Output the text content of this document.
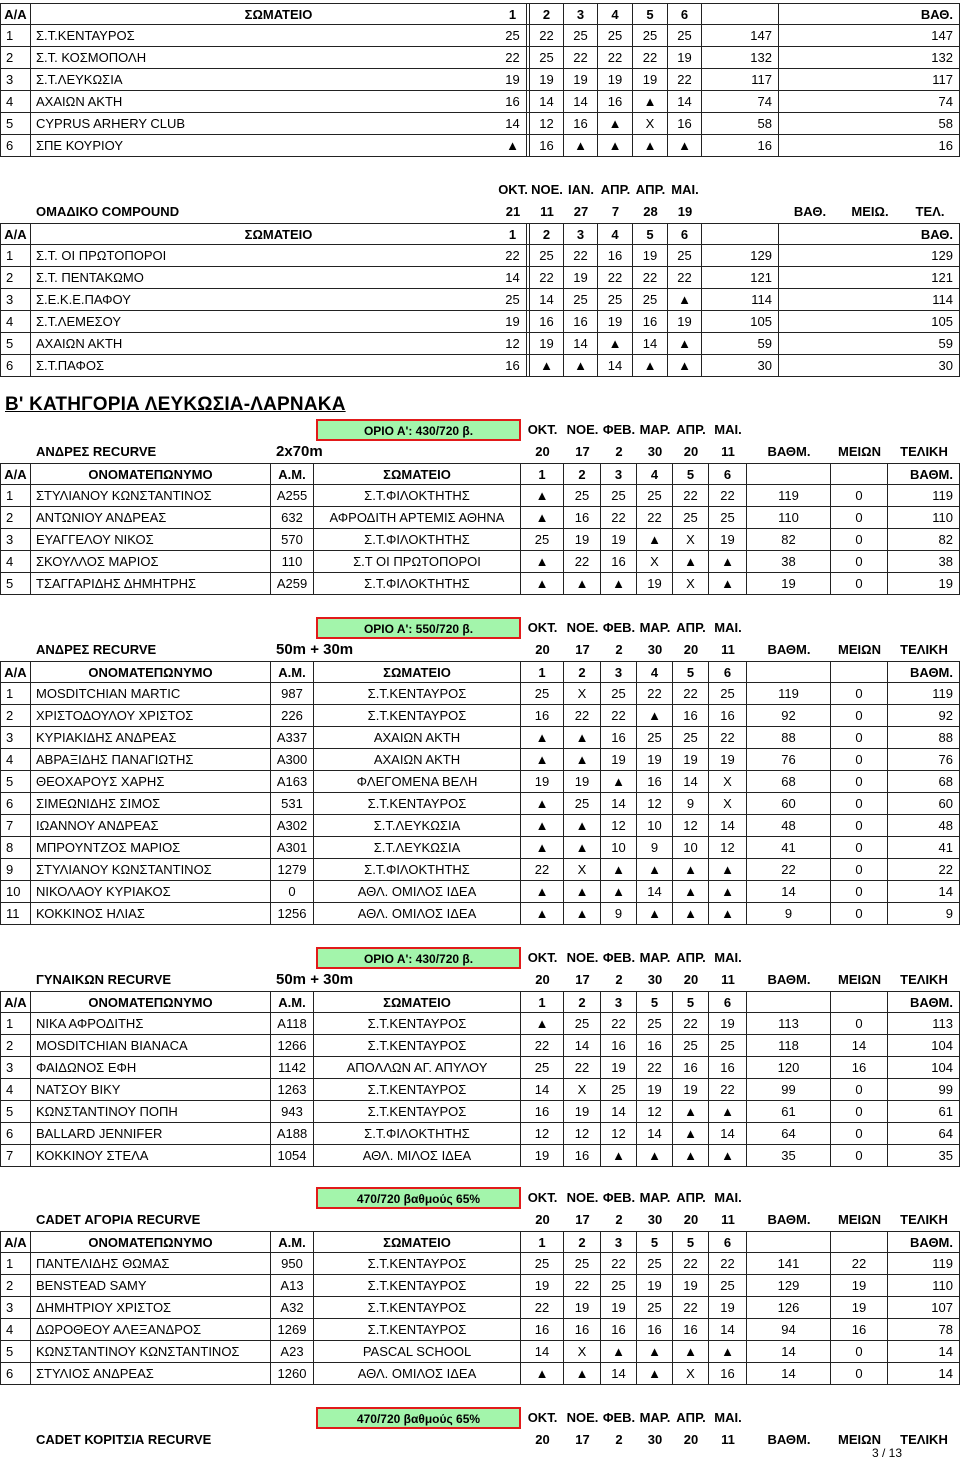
Α/Α	ΣΩΜΑΤΕΙΟ	1	2	3	4	5	6	ΒΑΘ.
1	Σ.Τ.ΚΕΝΤΑΥΡΟΣ	25	22	25	25	25	25	147	147
2	Σ.Τ. ΚΟΣΜΟΠΟΛΗ	22	25	22	22	22	19	132	132
3	Σ.Τ.ΛΕΥΚΩΣΙΑ	19	19	19	19	19	22	117	117
4	ΑΧΑΙΩΝ ΑΚΤΗ	16	14	14	16	▲	14	74	74
5	CYPRUS ARHERY CLUB	14	12	16	▲	X	16	58	58
6	ΣΠΕ ΚΟΥΡΙΟΥ	▲	16	▲	▲	▲	▲	16	16
ΟΚΤ. ΝΟΕ. ΙΑΝ. ΑΠΡ. ΑΠΡ. ΜΑΙ.
ΟΜΑΔΙΚΟ COMPOUND	21	11	27	7	28	19	ΒΑΘ.	ΜΕΙΩ.	ΤΕΛ.
Α/Α	ΣΩΜΑΤΕΙΟ	1	2	3	4	5	6	ΒΑΘ.
1	Σ.Τ. ΟΙ ΠΡΩΤΟΠΟΡΟΙ	22	25	22	16	19	25	129	129
2	Σ.Τ. ΠΕΝΤΑΚΩΜΟ	14	22	19	22	22	22	121	121
3	Σ.Ε.Κ.Ε.ΠΑΦΟΥ	25	14	25	25	25	▲	114	114
4	Σ.Τ.ΛΕΜΕΣΟΥ	19	16	16	19	16	19	105	105
5	ΑΧΑΙΩΝ ΑΚΤΗ	12	19	14	▲	14	▲	59	59
6	Σ.Τ.ΠΑΦΟΣ	16	▲	▲	14	▲	▲	30	30
Β' ΚΑΤΗΓΟΡΙΑ ΛΕΥΚΩΣΙΑ-ΛΑΡΝΑΚΑ
ΟΡΙΟ Α': 430/720 β.	ΟΚΤ. ΝΟΕ. ΦΕΒ. ΜΑΡ. ΑΠΡ. ΜΑΙ.
ΑΝΔΡΕΣ RECURVE	2x70m	20	17	2	30	20	11	ΒΑΘΜ.	ΜΕΙΩΝ	ΤΕΛΙΚΗ
Α/Α	ΟΝΟΜΑΤΕΠΩΝΥΜΟ	Α.Μ.	ΣΩΜΑΤΕΙΟ	1	2	3	4	5	6	ΒΑΘΜ.
1	ΣΤΥΛΙΑΝΟΥ ΚΩΝΣΤΑΝΤΙΝΟΣ	Α255	Σ.Τ.ΦΙΛΟΚΤΗΤΗΣ	▲	25	25	25	22	22	119	0	119
2	ΑΝΤΩΝΙΟΥ ΑΝΔΡΕΑΣ	632	ΑΦΡΟΔΙΤΗ ΑΡΤΕΜΙΣ ΑΘΗΝΑ	▲	16	22	22	25	25	110	0	110
3	ΕΥΑΓΓΕΛΟΥ ΝΙΚΟΣ	570	Σ.Τ.ΦΙΛΟΚΤΗΤΗΣ	25	19	19	▲	X	19	82	0	82
4	ΣΚΟΥΛΛΟΣ ΜΑΡΙΟΣ	110	Σ.Τ ΟΙ ΠΡΩΤΟΠΟΡΟΙ	▲	22	16	X	▲	▲	38	0	38
5	ΤΣΑΓΓΑΡΙΔΗΣ ΔΗΜΗΤΡΗΣ	Α259	Σ.Τ.ΦΙΛΟΚΤΗΤΗΣ	▲	▲	▲	19	X	▲	19	0	19
ΟΡΙΟ Α': 550/720 β.	ΟΚΤ. ΝΟΕ. ΦΕΒ. ΜΑΡ. ΑΠΡ. ΜΑΙ.
ΑΝΔΡΕΣ RECURVE	50m + 30m	20	17	2	30	20	11	ΒΑΘΜ.	ΜΕΙΩΝ	ΤΕΛΙΚΗ
Α/Α	ΟΝΟΜΑΤΕΠΩΝΥΜΟ	Α.Μ.	ΣΩΜΑΤΕΙΟ	1	2	3	4	5	6	ΒΑΘΜ.
1	MOSDITCHIAN MARTIC	987	Σ.Τ.ΚΕΝΤΑΥΡΟΣ	25	X	25	22	22	25	119	0	119
2	ΧΡΙΣΤΟΔΟΥΛΟΥ ΧΡΙΣΤΟΣ	226	Σ.Τ.ΚΕΝΤΑΥΡΟΣ	16	22	22	▲	16	16	92	0	92
3	ΚΥΡΙΑΚΙΔΗΣ ΑΝΔΡΕΑΣ	Α337	ΑΧΑΙΩΝ ΑΚΤΗ	▲	▲	16	25	25	22	88	0	88
4	ΑΒΡΑΞΙΔΗΣ ΠΑΝΑΓΙΩΤΗΣ	Α300	ΑΧΑΙΩΝ ΑΚΤΗ	▲	▲	19	19	19	19	76	0	76
5	ΘΕΟΧΑΡΟΥΣ ΧΑΡΗΣ	Α163	ΦΛΕΓΟΜΕΝΑ ΒΕΛΗ	19	19	▲	16	14	X	68	0	68
6	ΣΙΜΕΩΝΙΔΗΣ ΣΙΜΟΣ	531	Σ.Τ.ΚΕΝΤΑΥΡΟΣ	▲	25	14	12	9	X	60	0	60
7	ΙΩΑΝΝΟΥ ΑΝΔΡΕΑΣ	Α302	Σ.Τ.ΛΕΥΚΩΣΙΑ	▲	▲	12	10	12	14	48	0	48
8	ΜΠΡΟΥΝΤΖΟΣ ΜΑΡΙΟΣ	Α301	Σ.Τ.ΛΕΥΚΩΣΙΑ	▲	▲	10	9	10	12	41	0	41
9	ΣΤΥΛΙΑΝΟΥ ΚΩΝΣΤΑΝΤΙΝΟΣ	1279	Σ.Τ.ΦΙΛΟΚΤΗΤΗΣ	22	X	▲	▲	▲	▲	22	0	22
10	ΝΙΚΟΛΑΟΥ ΚΥΡΙΑΚΟΣ	0	ΑΘΛ. ΟΜΙΛΟΣ ΙΔΕΑ	▲	▲	▲	14	▲	▲	14	0	14
11	ΚΟΚΚΙΝΟΣ ΗΛΙΑΣ	1256	ΑΘΛ. ΟΜΙΛΟΣ ΙΔΕΑ	▲	▲	9	▲	▲	▲	9	0	9
ΟΡΙΟ Α': 430/720 β.	ΟΚΤ. ΝΟΕ. ΦΕΒ. ΜΑΡ. ΑΠΡ. ΜΑΙ.
ΓΥΝΑΙΚΩΝ RECURVE	50m + 30m	20	17	2	30	20	11	ΒΑΘΜ.	ΜΕΙΩΝ	ΤΕΛΙΚΗ
Α/Α	ΟΝΟΜΑΤΕΠΩΝΥΜΟ	Α.Μ.	ΣΩΜΑΤΕΙΟ	1	2	3	5	5	6	ΒΑΘΜ.
1	ΝΙΚΑ ΑΦΡΟΔΙΤΗΣ	Α118	Σ.Τ.ΚΕΝΤΑΥΡΟΣ	▲	25	22	25	22	19	113	0	113
2	MOSDITCHIAN BIANACA	1266	Σ.Τ.ΚΕΝΤΑΥΡΟΣ	22	14	16	16	25	25	118	14	104
3	ΦΑΙΔΩΝΟΣ ΕΦΗ	1142	ΑΠΟΛΛΩΝ ΑΓ. ΑΠΥΛΟΥ	25	22	19	22	16	16	120	16	104
4	ΝΑΤΣΟΥ ΒΙΚΥ	1263	Σ.Τ.ΚΕΝΤΑΥΡΟΣ	14	X	25	19	19	22	99	0	99
5	ΚΩΝΣΤΑΝΤΙΝΟΥ ΠΟΠΗ	943	Σ.Τ.ΚΕΝΤΑΥΡΟΣ	16	19	14	12	▲	▲	61	0	61
6	BALLARD JENNIFER	Α188	Σ.Τ.ΦΙΛΟΚΤΗΤΗΣ	12	12	12	14	▲	14	64	0	64
7	ΚΟΚΚΙΝΟΥ ΣΤΕΛΑ	1054	ΑΘΛ. ΜΙΛΟΣ ΙΔΕΑ	19	16	▲	▲	▲	▲	35	0	35
470/720 βαθμούς 65%	ΟΚΤ. ΝΟΕ. ΦΕΒ. ΜΑΡ. ΑΠΡ. ΜΑΙ.
CADET ΑΓΟΡΙΑ RECURVE	20	17	2	30	20	11	ΒΑΘΜ.	ΜΕΙΩΝ	ΤΕΛΙΚΗ
Α/Α	ΟΝΟΜΑΤΕΠΩΝΥΜΟ	Α.Μ.	ΣΩΜΑΤΕΙΟ	1	2	3	5	5	6	ΒΑΘΜ.
1	ΠΑΝΤΕΛΙΔΗΣ ΘΩΜΑΣ	950	Σ.Τ.ΚΕΝΤΑΥΡΟΣ	25	25	22	25	22	22	141	22	119
2	BENSTEAD SAMY	Α13	Σ.Τ.ΚΕΝΤΑΥΡΟΣ	19	22	25	19	19	25	129	19	110
3	ΔΗΜΗΤΡΙΟΥ ΧΡΙΣΤΟΣ	Α32	Σ.Τ.ΚΕΝΤΑΥΡΟΣ	22	19	19	25	22	19	126	19	107
4	ΔΩΡΟΘΕΟΥ ΑΛΕΞΑΝΔΡΟΣ	1269	Σ.Τ.ΚΕΝΤΑΥΡΟΣ	16	16	16	16	16	14	94	16	78
5	ΚΩΝΣΤΑΝΤΙΝΟΥ ΚΩΝΣΤΑΝΤΙΝΟΣ	Α23	PASCAL SCHOOL	14	X	▲	▲	▲	▲	14	0	14
6	ΣΤΥΛΙΟΣ ΑΝΔΡΕΑΣ	1260	ΑΘΛ. ΟΜΙΛΟΣ ΙΔΕΑ	▲	▲	14	▲	X	16	14	0	14
470/720 βαθμούς 65%	ΟΚΤ. ΝΟΕ. ΦΕΒ. ΜΑΡ. ΑΠΡ. ΜΑΙ.
CADET ΚΟΡΙΤΣΙΑ RECURVE	20	17	2	30	20	11	ΒΑΘΜ.	ΜΕΙΩΝ	ΤΕΛΙΚΗ
3 / 13
